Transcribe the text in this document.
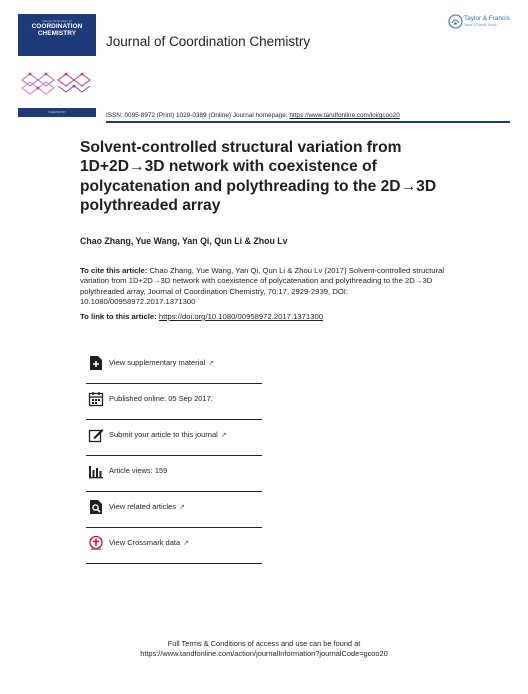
Volume 70 Number 17
COORDINATION
CHEMISTRY
CHEMISTRY
Journal of Coordination Chemistry
Taylor & Francis
Taylor & Francis Group
ISSN: 0095-8972 (Print) 1029-0389 (Online) Journal homepage: https://www.tandfonline.com/loi/gcoo20
Solvent-controlled structural variation from 1D+2D→3D network with coexistence of polycatenation and polythreading to the 2D→3D polythreaded array
Chao Zhang, Yue Wang, Yan Qi, Qun Li & Zhou Lv
To cite this article: Chao Zhang, Yue Wang, Yan Qi, Qun Li & Zhou Lv (2017) Solvent-controlled structural variation from 1D+2D→3D network with coexistence of polycatenation and polythreading to the 2D→3D polythreaded array, Journal of Coordination Chemistry, 70:17, 2929-2939, DOI: 10.1080/00958972.2017.1371300
To link to this article: https://doi.org/10.1080/00958972.2017.1371300
View supplementary material ↗
Published online: 05 Sep 2017.
Submit your article to this journal ↗
Article views: 159
View related articles ↗
View Crossmark data ↗
Full Terms & Conditions of access and use can be found at
https://www.tandfonline.com/action/journalInformation?journalCode=gcoo20
